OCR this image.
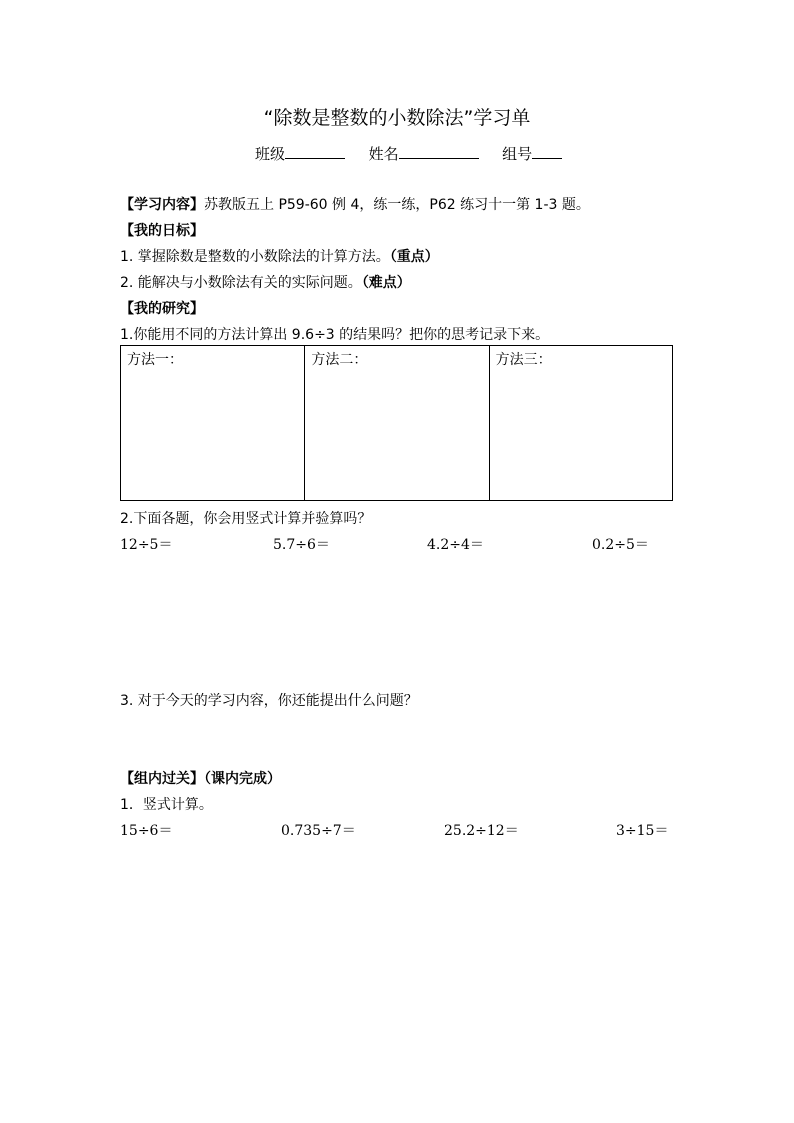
“除数是整数的小数除法”学习单
班级	姓名	组号
【学习内容】苏教版五上 P59-60 例 4，练一练，P62 练习十一第 1-3 题。
【我的日标】
1. 掌握除数是整数的小数除法的计算方法。（重点）
2. 能解决与小数除法有关的实际问题。（难点）
【我的研究】
1.你能用不同的方法计算出 9.6÷3 的结果吗？把你的思考记录下来。
方法一：	方法二：	方法三：
2.下面各题，你会用竖式计算并验算吗？
12÷5＝	5.7÷6＝	4.2÷4＝	0.2÷5＝
3. 对于今天的学习内容，你还能提出什么问题？
【组内过关】（课内完成）
1．竖式计算。
15÷6＝	0.735÷7＝	25.2÷12＝	3÷15＝
